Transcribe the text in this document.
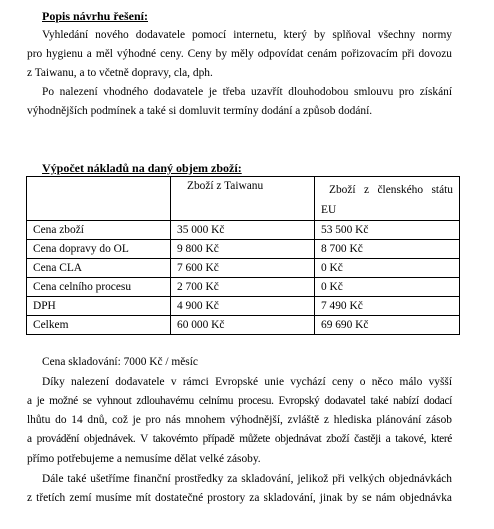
Popis návrhu řešení:
Vyhledání nového dodavatele pomocí internetu, který by splňoval všechny normy
pro hygienu a měl výhodné ceny. Ceny by měly odpovídat cenám pořizovacím při dovozu
z Taiwanu, a to včetně dopravy, cla, dph.
Po nalezení vhodného dodavatele je třeba uzavřít dlouhodobou smlouvu pro získání
výhodnějších podmínek a také si domluvit termíny dodání a způsob dodání.
Výpočet nákladů na daný objem zboží:
	Zboží z Taiwanu	Zboží z členského státu
EU

Cena zboží	35 000 Kč	53 500 Kč
Cena dopravy do OL	9 800 Kč	8 700 Kč
Cena CLA	7 600 Kč	0 Kč
Cena celního procesu	2 700 Kč	0 Kč
DPH	4 900 Kč	7 490 Kč
Celkem	60 000 Kč	69 690 Kč
Cena skladování: 7000 Kč / měsíc
Díky nalezení dodavatele v rámci Evropské unie vychází ceny o něco málo vyšší
a je možné se vyhnout zdlouhavému celnímu procesu. Evropský dodavatel také nabízí dodací
lhůtu do 14 dnů, což je pro nás mnohem výhodnější, zvláště z hlediska plánování zásob
a provádění objednávek. V takovémto případě můžete objednávat zboží častěji a takové, které
přímo potřebujeme a nemusíme dělat velké zásoby.
Dále také ušetříme finanční prostředky za skladování, jelikož při velkých objednávkách
z třetích zemí musíme mít dostatečné prostory za skladování, jinak by se nám objednávka
